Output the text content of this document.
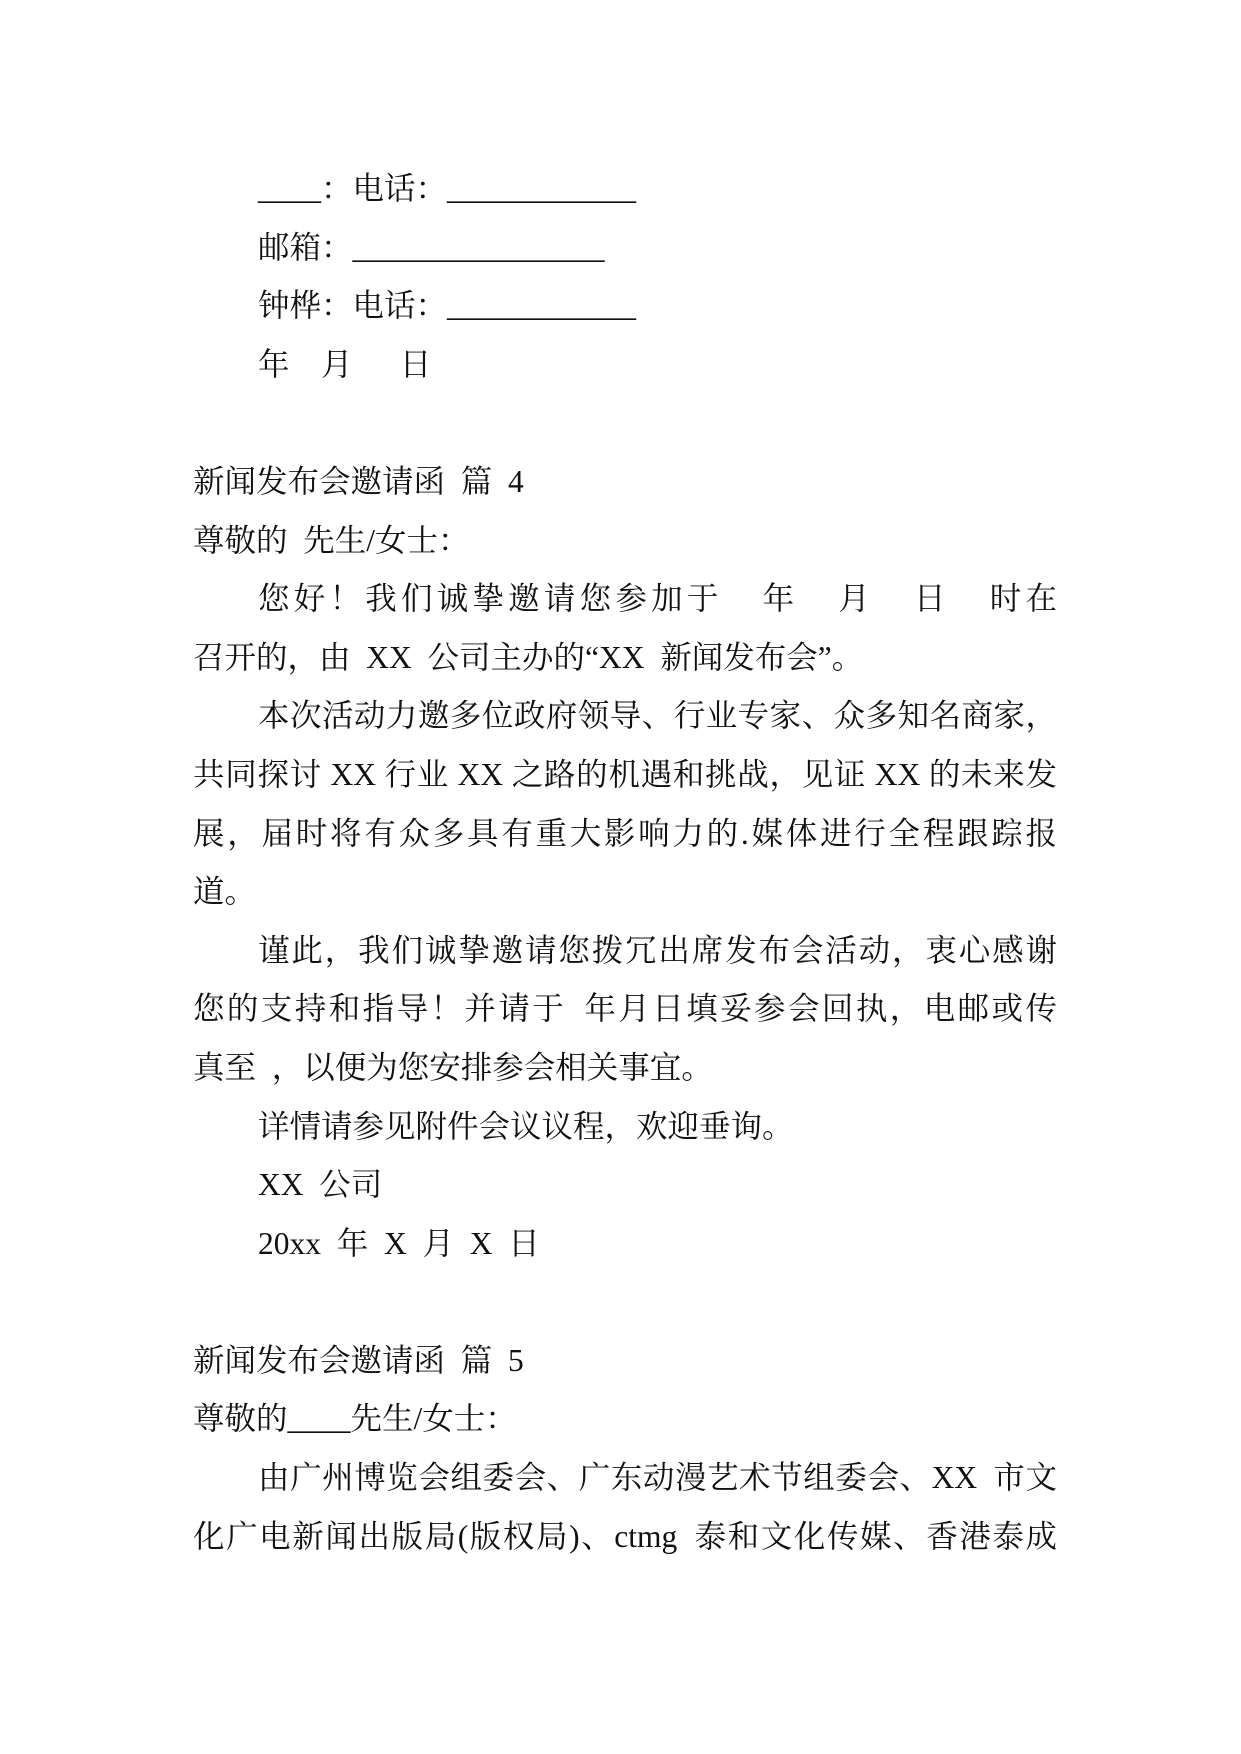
____：电话：____________
邮箱：________________
钟桦：电话：____________
年  月   日
新闻发布会邀请函 篇 4
尊敬的 先生/女士：
您好！我们诚挚邀请您参加于  年  月  日  时在
召开的，由 XX 公司主办的“XX 新闻发布会”。
本次活动力邀多位政府领导、行业专家、众多知名商家，
共同探讨 XX 行业 XX 之路的机遇和挑战，见证 XX 的未来发
展，届时将有众多具有重大影响力的.媒体进行全程跟踪报
道。
谨此，我们诚挚邀请您拨冗出席发布会活动，衷心感谢
您的支持和指导！并请于 年月日填妥参会回执，电邮或传
真至 ，以便为您安排参会相关事宜。
详情请参见附件会议议程，欢迎垂询。
XX 公司
20xx 年 X 月 X 日
新闻发布会邀请函 篇 5
尊敬的____先生/女士：
由广州博览会组委会、广东动漫艺术节组委会、XX 市文
化广电新闻出版局(版权局)、ctmg 泰和文化传媒、香港泰成
